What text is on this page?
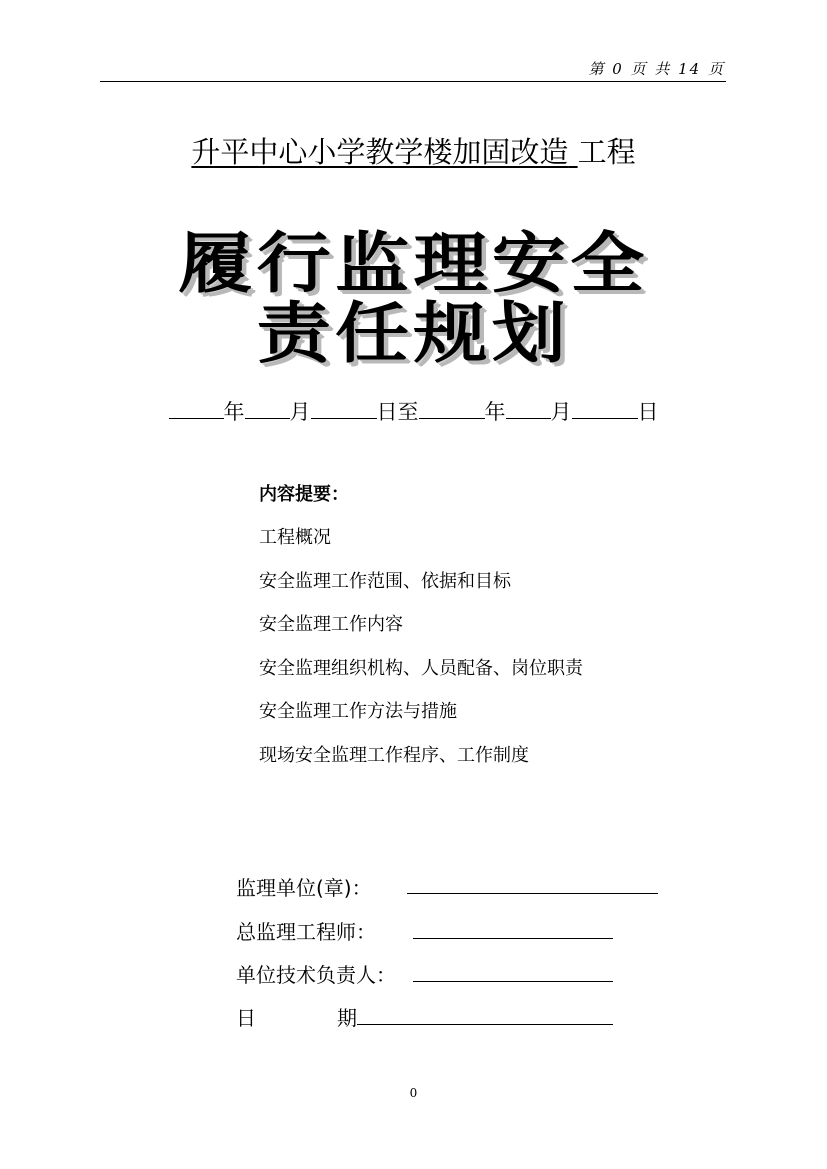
第 0 页 共 14 页
升平中心小学教学楼加固改造 工程
履行监理安全
责任规划
年 月	日至	年 月	日
内容提要：
工程概况
安全监理工作范围、依据和目标
安全监理工作内容
安全监理组织机构、人员配备、岗位职责
安全监理工作方法与措施
现场安全监理工作程序、工作制度
监理单位(章)：
总监理工程师：
单位技术负责人：
日	期
0
